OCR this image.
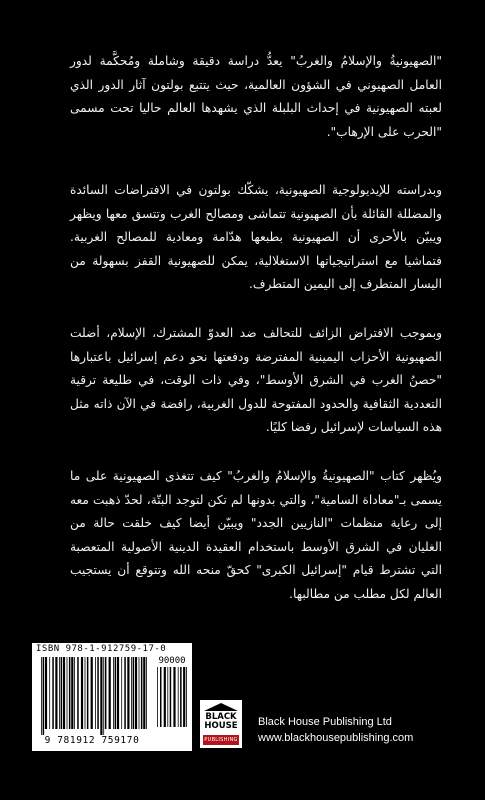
"الصهيونيةُ والإسلامُ والغربُ" يعدُّ دراسة دقيقة وشاملة ومُحكَّمة لدور العامل الصهيوني في الشؤون العالمية، حيث يتتبع بولتون آثار الدور الذي لعبته الصهيونية في إحداث البلبلة الذي يشهدها العالم حاليا تحت مسمى "الحرب على الإرهاب".

وبدراسته للإيديولوجية الصهيونية، يشكّك بولتون في الافتراضات السائدة والمضللة القائلة بأن الصهيونية تتماشى ومصالح الغرب وتتسق معها ويظهر ويبيّن بالأحرى أن الصهيونية بطبعها هدّامة ومعادية للمصالح الغربية. فتماشيا مع استراتيجياتها الاستغلالية، يمكن للصهيونية القفز بسهولة من اليسار المتطرف إلى اليمين المتطرف.

وبموجب الافتراض الزائف للتحالف ضد العدوّ المشترك، الإسلام، أضلت الصهيونية الأحزاب اليمينية المفترضة ودفعتها نحو دعم إسرائيل باعتبارها "حصنُ الغرب في الشرق الأوسط"، وفي ذات الوقت، في طليعة ترقية التعددية الثقافية والحدود المفتوحة للدول الغربية، رافضة في الآن ذاته مثل هذه السياسات لإسرائيل رفضا كليًا.

ويُظهر كتاب "الصهيونيةُ والإسلامُ والغربُ" كيف تتغذى الصهيونية على ما يسمى بـ"معاداة السامية"، والتي بدونها لم تكن لتوجد البتّة، لحدّ ذهبت معه إلى رعاية منظمات "النازيين الجدد" ويبيّن أيضا كيف خلقت حالة من الغليان في الشرق الأوسط باستخدام العقيدة الدينية الأصولية المتعصبة التي تشترط قيام "إسرائيل الكبرى" كحقّ منحه الله وتتوقع أن يستجيب العالم لكل مطلب من مطالبها.

ISBN 978-1-912759-17-0
90000
9 781912 759170
BLACK
HOUSE
PUBLISHING
Black House Publishing Ltd
www.blackhousepublishing.com
